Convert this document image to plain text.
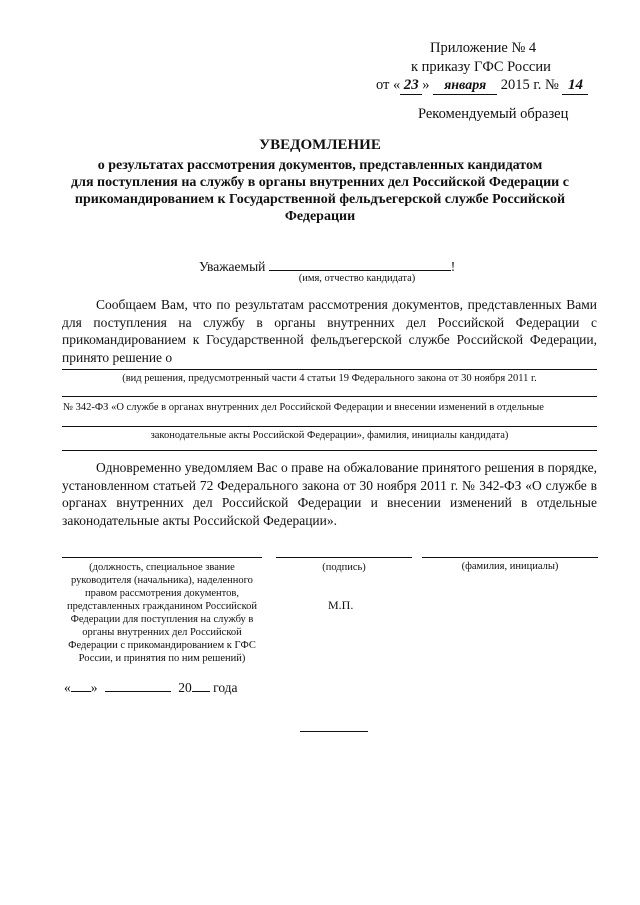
Приложение № 4
к приказу ГФС России
от « 23 » января 2015 г. № 14
Рекомендуемый образец
УВЕДОМЛЕНИЕ
о результатах рассмотрения документов, представленных кандидатом
для поступления на службу в органы внутренних дел Российской Федерации с
прикомандированием к Государственной фельдъегерской службе Российской
Федерации
Уважаемый	!
(имя, отчество кандидата)
Сообщаем Вам, что по результатам рассмотрения документов, представленных Вами для поступления на службу в органы внутренних дел Российской Федерации с прикомандированием к Государственной фельдъегерской службе Российской Федерации, принято решение о
(вид решения, предусмотренный части 4 статьи 19 Федерального закона от 30 ноября 2011 г.
№ 342-ФЗ «О службе в органах внутренних дел Российской Федерации и внесении изменений в отдельные
законодательные акты Российской Федерации», фамилия, инициалы кандидата)
Одновременно уведомляем Вас о праве на обжалование принятого решения в порядке, установленном статьей 72 Федерального закона от 30 ноября 2011 г. № 342-ФЗ «О службе в органах внутренних дел Российской Федерации и внесении изменений в отдельные законодательные акты Российской Федерации».
(должность, специальное звание руководителя (начальника), наделенного правом рассмотрения документов, представленных гражданином Российской Федерации для поступления на службу в органы внутренних дел Российской Федерации с прикомандированием к ГФС России, и принятия по ним решений)
(подпись)	(фамилия, инициалы)
М.П.
« »	20 года
